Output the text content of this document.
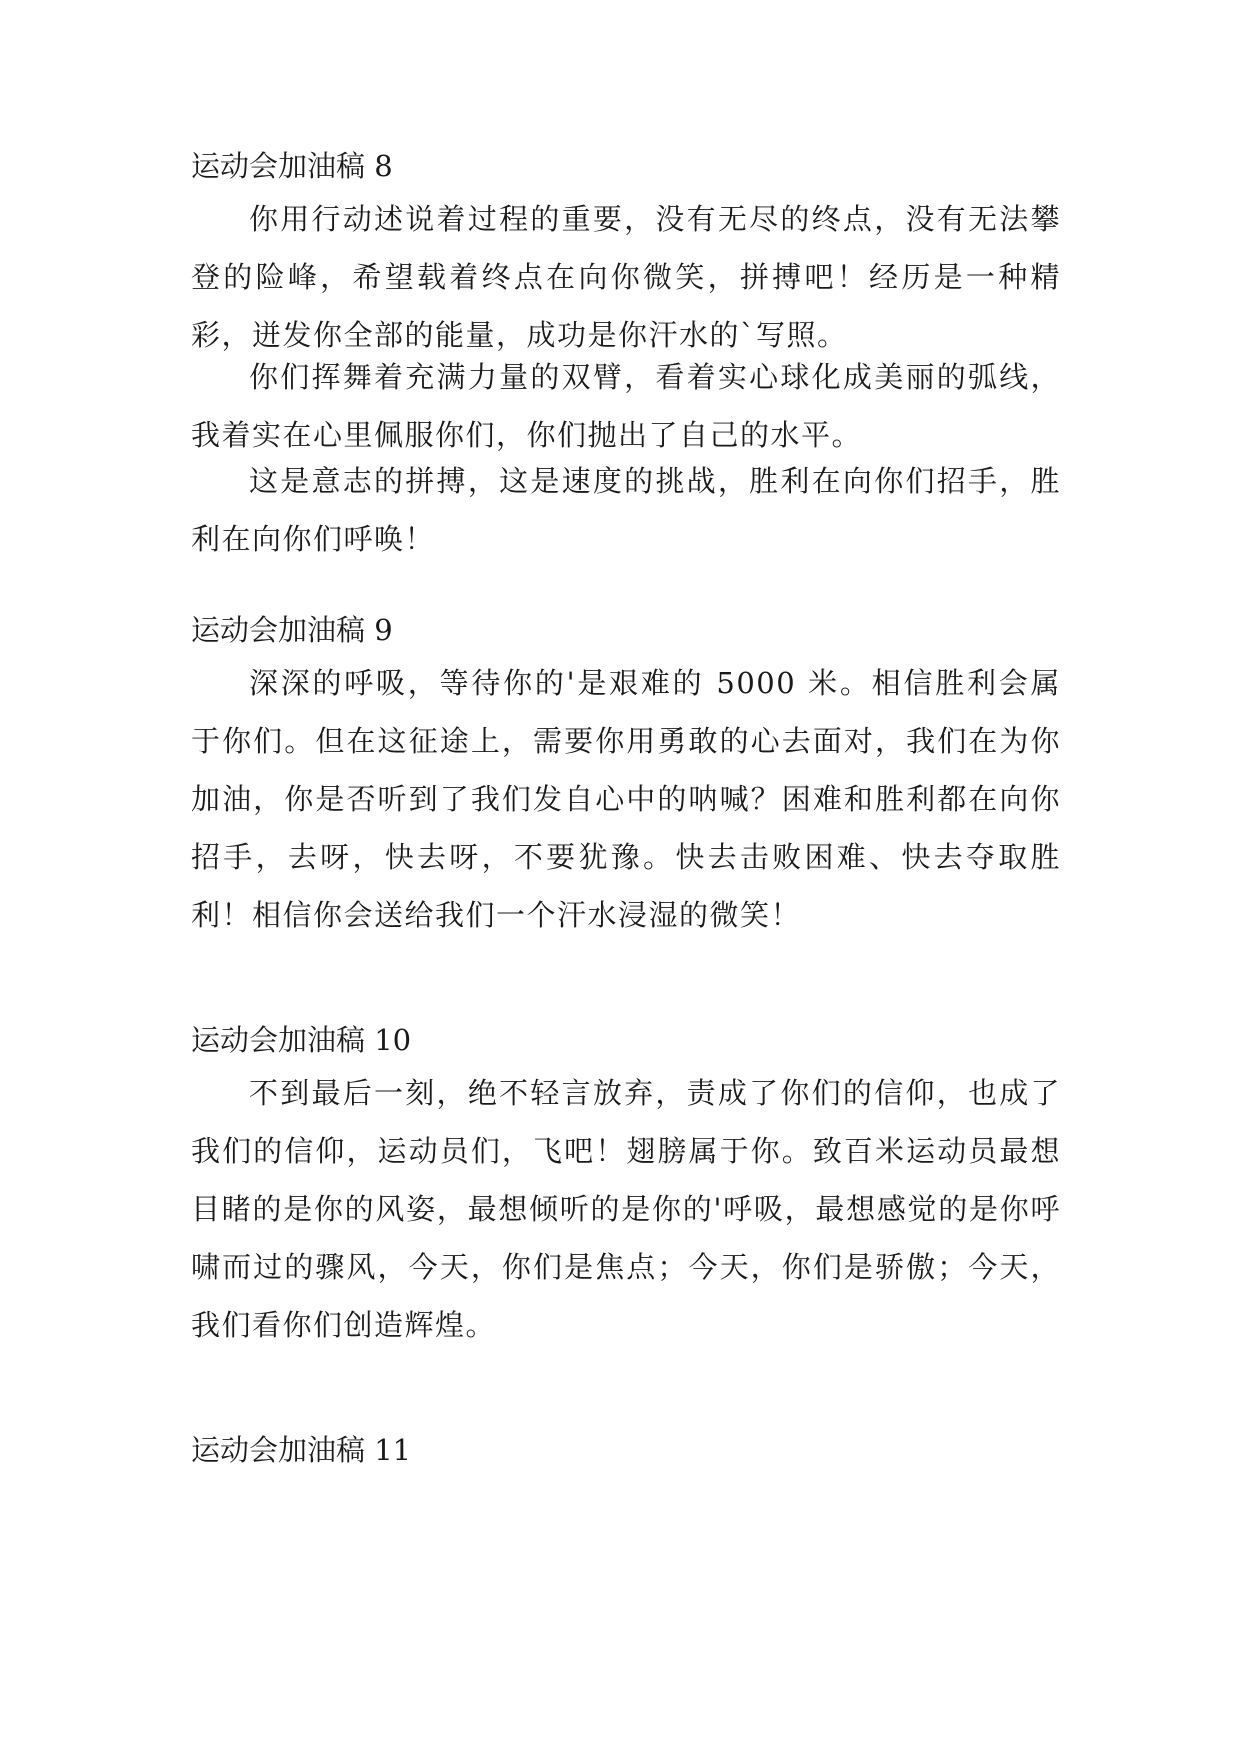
运动会加油稿 8
你用行动述说着过程的重要，没有无尽的终点，没有无法攀登的险峰，希望载着终点在向你微笑，拼搏吧！经历是一种精彩，迸发你全部的能量，成功是你汗水的`写照。
你们挥舞着充满力量的双臂，看着实心球化成美丽的弧线，我着实在心里佩服你们，你们抛出了自己的水平。
这是意志的拼搏，这是速度的挑战，胜利在向你们招手，胜利在向你们呼唤！
运动会加油稿 9
深深的呼吸，等待你的'是艰难的 5000 米。相信胜利会属于你们。但在这征途上，需要你用勇敢的心去面对，我们在为你加油，你是否听到了我们发自心中的呐喊？困难和胜利都在向你招手，去呀，快去呀，不要犹豫。快去击败困难、快去夺取胜利！相信你会送给我们一个汗水浸湿的微笑！
运动会加油稿 10
不到最后一刻，绝不轻言放弃，责成了你们的信仰，也成了我们的信仰，运动员们，飞吧！翅膀属于你。致百米运动员最想目睹的是你的风姿，最想倾听的是你的'呼吸，最想感觉的是你呼啸而过的骤风，今天，你们是焦点；今天，你们是骄傲；今天，我们看你们创造辉煌。
运动会加油稿 11
